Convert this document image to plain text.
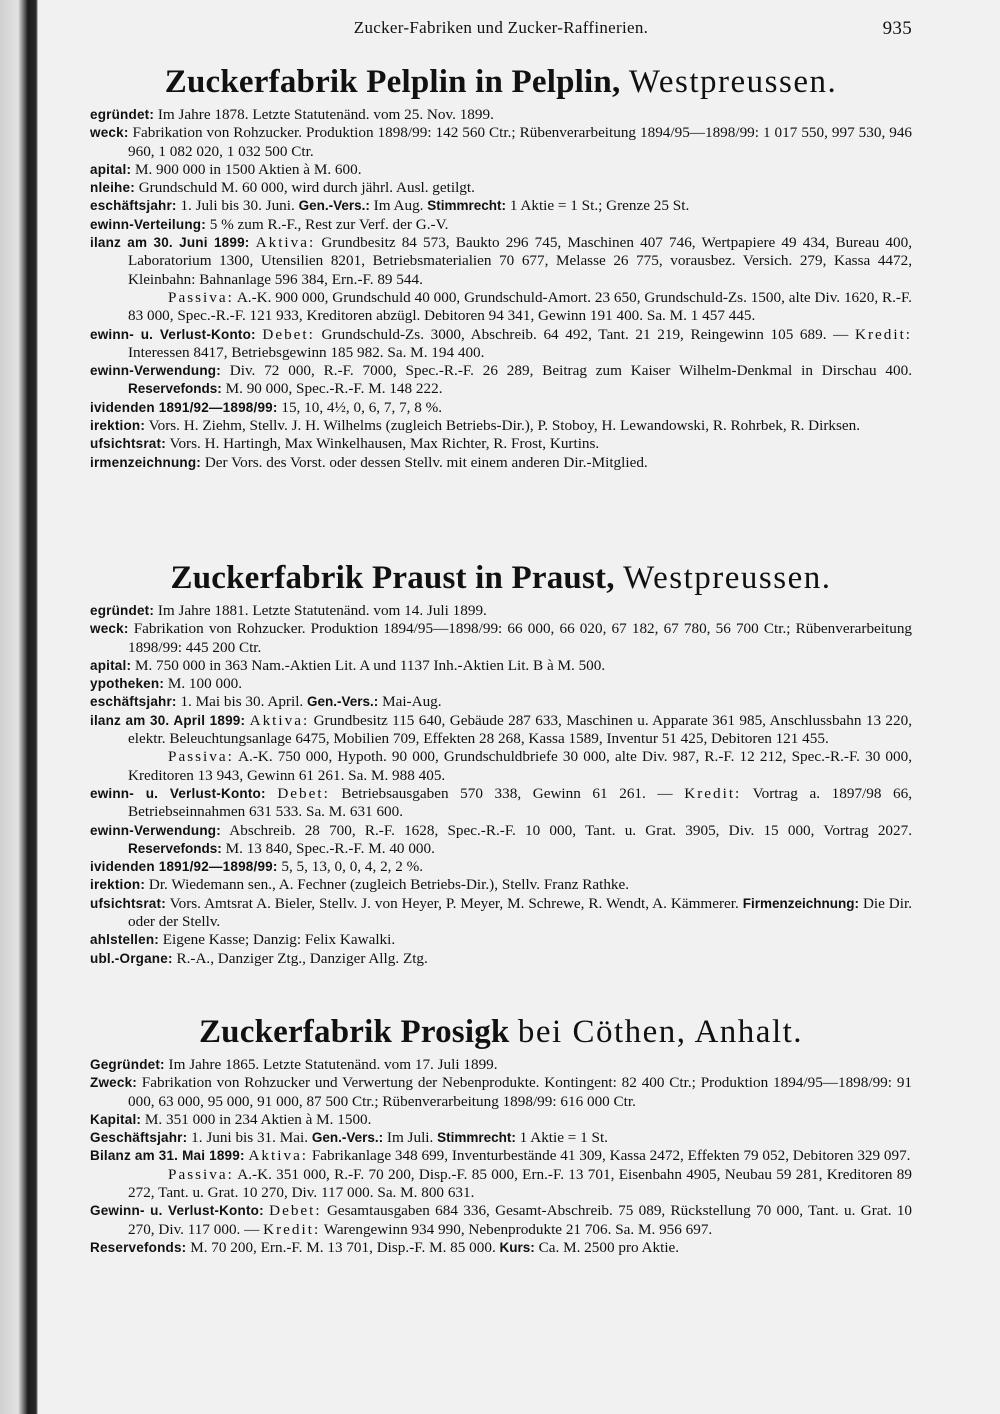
Zucker-Fabriken und Zucker-Raffinerien.	935
Zuckerfabrik Pelplin in Pelplin, Westpreussen.
egründet: Im Jahre 1878. Letzte Statutenänd. vom 25. Nov. 1899.
weck: Fabrikation von Rohzucker. Produktion 1898/99: 142 560 Ctr.; Rübenverarbeitung 1894/95—1898/99: 1 017 550, 997 530, 946 960, 1 082 020, 1 032 500 Ctr.
apital: M. 900 000 in 1500 Aktien à M. 600.
nleihe: Grundschuld M. 60 000, wird durch jährl. Ausl. getilgt.
eschäftsjahr: 1. Juli bis 30. Juni. Gen.-Vers.: Im Aug. Stimmrecht: 1 Aktie = 1 St.; Grenze 25 St.
ewinn-Verteilung: 5 % zum R.-F., Rest zur Verf. der G.-V.
ilanz am 30. Juni 1899: Aktiva: Grundbesitz 84 573, Baukto 296 745, Maschinen 407 746, Wertpapiere 49 434, Bureau 400, Laboratorium 1300, Utensilien 8201, Betriebsmaterialien 70 677, Melasse 26 775, vorausbez. Versich. 279, Kassa 4472, Kleinbahn: Bahnanlage 596 384, Ern.-F. 89 544.
Passiva: A.-K. 900 000, Grundschuld 40 000, Grundschuld-Amort. 23 650, Grundschuld-Zs. 1500, alte Div. 1620, R.-F. 83 000, Spec.-R.-F. 121 933, Kreditoren abzügl. Debitoren 94 341, Gewinn 191 400. Sa. M. 1 457 445.
ewinn- u. Verlust-Konto: Debet: Grundschuld-Zs. 3000, Abschreib. 64 492, Tant. 21 219, Reingewinn 105 689. — Kredit: Interessen 8417, Betriebsgewinn 185 982. Sa. M. 194 400.
ewinn-Verwendung: Div. 72 000, R.-F. 7000, Spec.-R.-F. 26 289, Beitrag zum Kaiser Wilhelm-Denkmal in Dirschau 400. Reservefonds: M. 90 000, Spec.-R.-F. M. 148 222.
ividenden 1891/92—1898/99: 15, 10, 4½, 0, 6, 7, 7, 8 %.
irektion: Vors. H. Ziehm, Stellv. J. H. Wilhelms (zugleich Betriebs-Dir.), P. Stoboy, H. Lewandowski, R. Rohrbek, R. Dirksen.
ufsichtsrat: Vors. H. Hartingh, Max Winkelhausen, Max Richter, R. Frost, Kurtins.
irmenzeichnung: Der Vors. des Vorst. oder dessen Stellv. mit einem anderen Dir.-Mitglied.
Zuckerfabrik Praust in Praust, Westpreussen.
egründet: Im Jahre 1881. Letzte Statutenänd. vom 14. Juli 1899.
weck: Fabrikation von Rohzucker. Produktion 1894/95—1898/99: 66 000, 66 020, 67 182, 67 780, 56 700 Ctr.; Rübenverarbeitung 1898/99: 445 200 Ctr.
apital: M. 750 000 in 363 Nam.-Aktien Lit. A und 1137 Inh.-Aktien Lit. B à M. 500.
ypotheken: M. 100 000.
eschäftsjahr: 1. Mai bis 30. April. Gen.-Vers.: Mai-Aug.
ilanz am 30. April 1899: Aktiva: Grundbesitz 115 640, Gebäude 287 633, Maschinen u. Apparate 361 985, Anschlussbahn 13 220, elektr. Beleuchtungsanlage 6475, Mobilien 709, Effekten 28 268, Kassa 1589, Inventur 51 425, Debitoren 121 455.
Passiva: A.-K. 750 000, Hypoth. 90 000, Grundschuldbriefe 30 000, alte Div. 987, R.-F. 12 212, Spec.-R.-F. 30 000, Kreditoren 13 943, Gewinn 61 261. Sa. M. 988 405.
ewinn- u. Verlust-Konto: Debet: Betriebsausgaben 570 338, Gewinn 61 261. — Kredit: Vortrag a. 1897/98 66, Betriebseinnahmen 631 533. Sa. M. 631 600.
ewinn-Verwendung: Abschreib. 28 700, R.-F. 1628, Spec.-R.-F. 10 000, Tant. u. Grat. 3905, Div. 15 000, Vortrag 2027. Reservefonds: M. 13 840, Spec.-R.-F. M. 40 000.
ividenden 1891/92—1898/99: 5, 5, 13, 0, 0, 4, 2, 2 %.
irektion: Dr. Wiedemann sen., A. Fechner (zugleich Betriebs-Dir.), Stellv. Franz Rathke.
ufsichtsrat: Vors. Amtsrat A. Bieler, Stellv. J. von Heyer, P. Meyer, M. Schrewe, R. Wendt, A. Kämmerer. Firmenzeichnung: Die Dir. oder der Stellv.
ahlstellen: Eigene Kasse; Danzig: Felix Kawalki.
ubl.-Organe: R.-A., Danziger Ztg., Danziger Allg. Ztg.
Zuckerfabrik Prosigk bei Cöthen, Anhalt.
Gegründet: Im Jahre 1865. Letzte Statutenänd. vom 17. Juli 1899.
Zweck: Fabrikation von Rohzucker und Verwertung der Nebenprodukte. Kontingent: 82 400 Ctr.; Produktion 1894/95—1898/99: 91 000, 63 000, 95 000, 91 000, 87 500 Ctr.; Rübenverarbeitung 1898/99: 616 000 Ctr.
Kapital: M. 351 000 in 234 Aktien à M. 1500.
Geschäftsjahr: 1. Juni bis 31. Mai. Gen.-Vers.: Im Juli. Stimmrecht: 1 Aktie = 1 St.
Bilanz am 31. Mai 1899: Aktiva: Fabrikanlage 348 699, Inventurbestände 41 309, Kassa 2472, Effekten 79 052, Debitoren 329 097.
Passiva: A.-K. 351 000, R.-F. 70 200, Disp.-F. 85 000, Ern.-F. 13 701, Eisenbahn 4905, Neubau 59 281, Kreditoren 89 272, Tant. u. Grat. 10 270, Div. 117 000. Sa. M. 800 631.
Gewinn- u. Verlust-Konto: Debet: Gesamtausgaben 684 336, Gesamt-Abschreib. 75 089, Rückstellung 70 000, Tant. u. Grat. 10 270, Div. 117 000. — Kredit: Warengewinn 934 990, Nebenprodukte 21 706. Sa. M. 956 697.
Reservefonds: M. 70 200, Ern.-F. M. 13 701, Disp.-F. M. 85 000. Kurs: Ca. M. 2500 pro Aktie.
